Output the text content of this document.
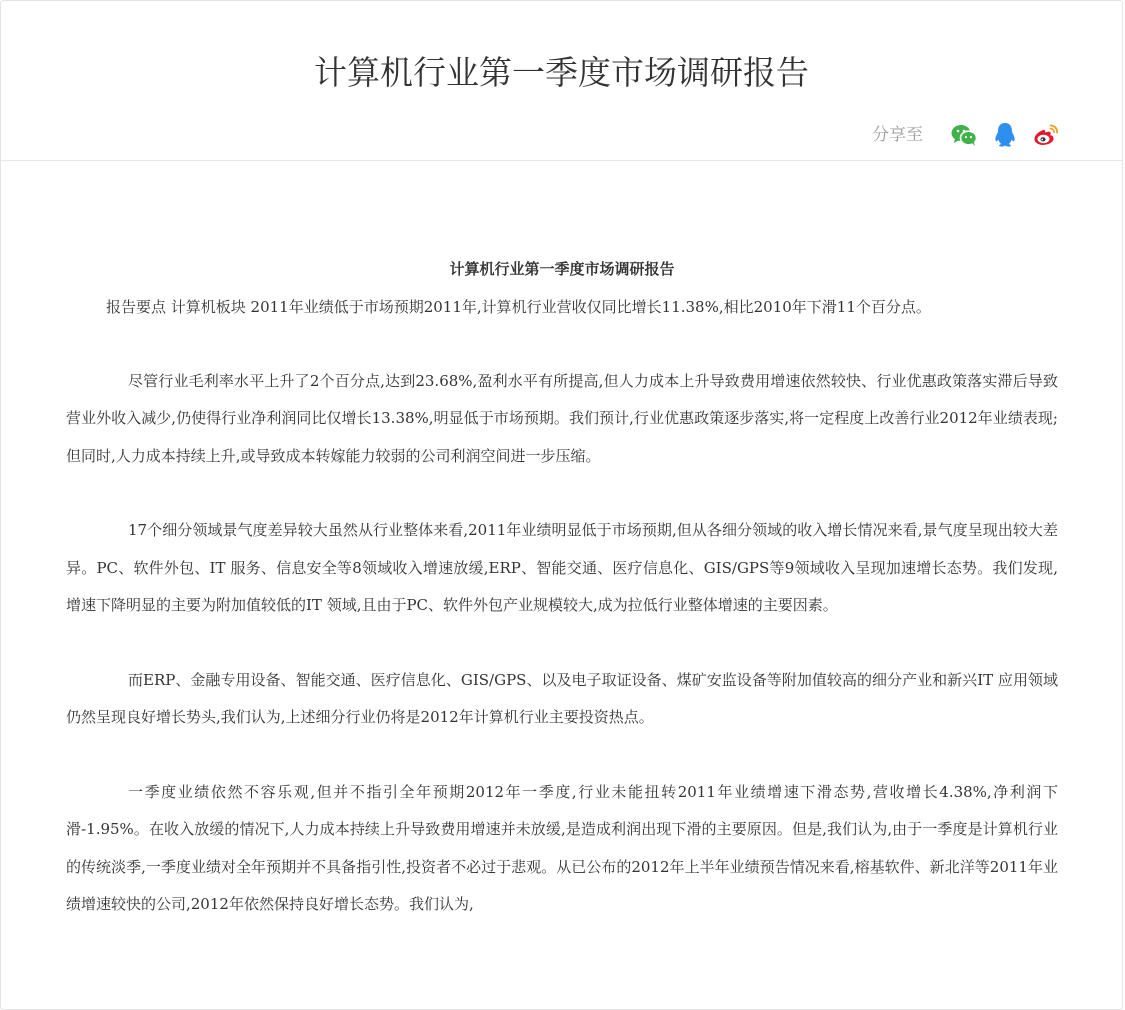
计算机行业第一季度市场调研报告
分享至
计算机行业第一季度市场调研报告

报告要点 计算机板块 2011年业绩低于市场预期2011年,计算机行业营收仅同比增长11.38%,相比2010年下滑11个百分点。

尽管行业毛利率水平上升了2个百分点,达到23.68%,盈利水平有所提高,但人力成本上升导致费用增速依然较快、行业优惠政策落实滞后导致营业外收入减少,仍使得行业净利润同比仅增长13.38%,明显低于市场预期。我们预计,行业优惠政策逐步落实,将一定程度上改善行业2012年业绩表现;但同时,人力成本持续上升,或导致成本转嫁能力较弱的公司利润空间进一步压缩。

17个细分领域景气度差异较大虽然从行业整体来看,2011年业绩明显低于市场预期,但从各细分领域的收入增长情况来看,景气度呈现出较大差异。PC、软件外包、IT 服务、信息安全等8领域收入增速放缓,ERP、智能交通、医疗信息化、GIS/GPS等9领域收入呈现加速增长态势。我们发现,增速下降明显的主要为附加值较低的IT 领域,且由于PC、软件外包产业规模较大,成为拉低行业整体增速的主要因素。

而ERP、金融专用设备、智能交通、医疗信息化、GIS/GPS、以及电子取证设备、煤矿安监设备等附加值较高的细分产业和新兴IT 应用领域仍然呈现良好增长势头,我们认为,上述细分行业仍将是2012年计算机行业主要投资热点。

一季度业绩依然不容乐观,但并不指引全年预期2012年一季度,行业未能扭转2011年业绩增速下滑态势,营收增长4.38%,净利润下滑-1.95%。在收入放缓的情况下,人力成本持续上升导致费用增速并未放缓,是造成利润出现下滑的主要原因。但是,我们认为,由于一季度是计算机行业的传统淡季,一季度业绩对全年预期并不具备指引性,投资者不必过于悲观。从已公布的2012年上半年业绩预告情况来看,榕基软件、新北洋等2011年业绩增速较快的公司,2012年依然保持良好增长态势。我们认为,
